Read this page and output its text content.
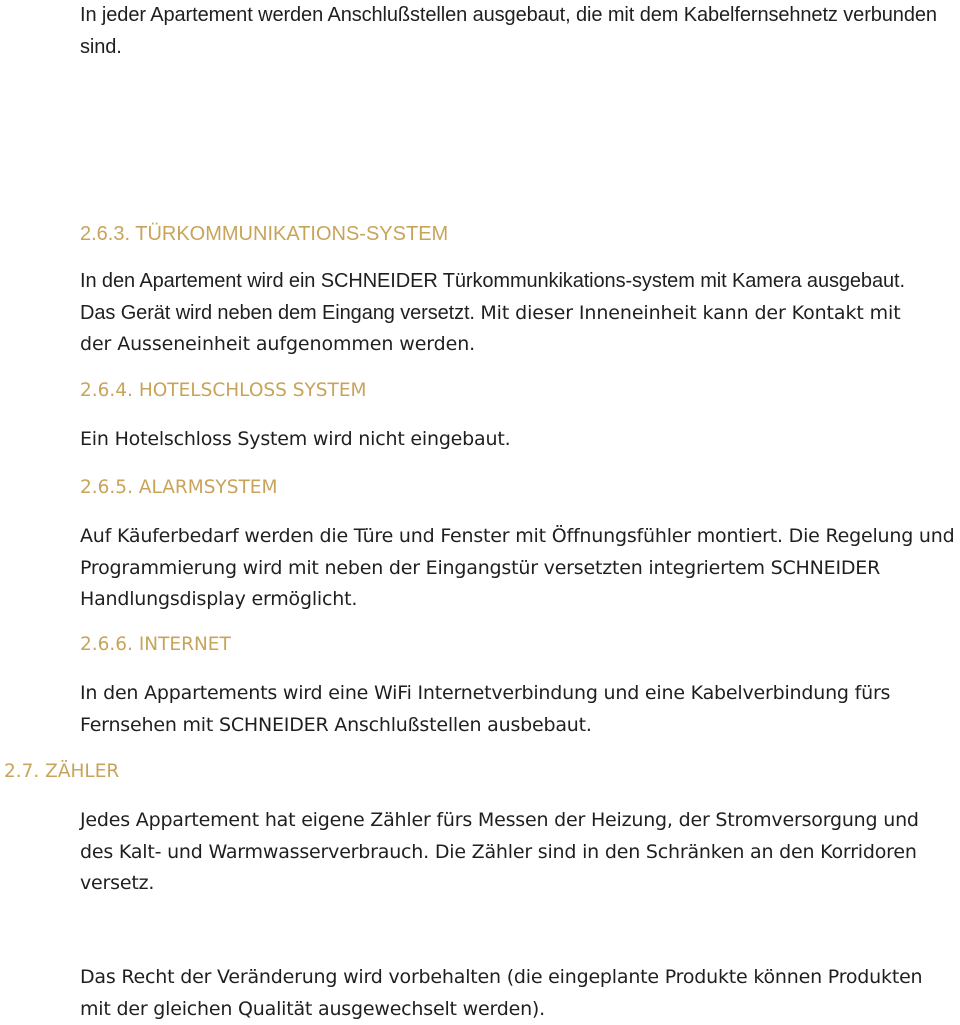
In jeder Apartement werden Anschlußstellen ausgebaut, die mit dem Kabelfernsehnetz verbunden sind.

2.6.3. TÜRKOMMUNIKATIONS-SYSTEM

In den Apartement wird ein SCHNEIDER Türkommunkikations-system mit Kamera ausgebaut. Das Gerät wird neben dem Eingang versetzt. Mit dieser Inneneinheit kann der Kontakt mit der Ausseneinheit aufgenommen werden.

2.6.4. HOTELSCHLOSS SYSTEM

Ein Hotelschloss System wird nicht eingebaut.

2.6.5. ALARMSYSTEM

Auf Käuferbedarf werden die Türe und Fenster mit Öffnungsfühler montiert. Die Regelung und Programmierung wird mit neben der Eingangstür versetzten integriertem SCHNEIDER Handlungsdisplay ermöglicht.

2.6.6. INTERNET

In den Appartements wird eine WiFi Internetverbindung und eine Kabelverbindung fürs Fernsehen mit SCHNEIDER Anschlußstellen ausbebaut.

2.7. ZÄHLER

Jedes Appartement hat eigene Zähler fürs Messen der Heizung, der Stromversorgung und des Kalt- und Warmwasserverbrauch. Die Zähler sind in den Schränken an den Korridoren versetz.

Das Recht der Veränderung wird vorbehalten (die eingeplante Produkte können Produkten mit der gleichen Qualität ausgewechselt werden).
